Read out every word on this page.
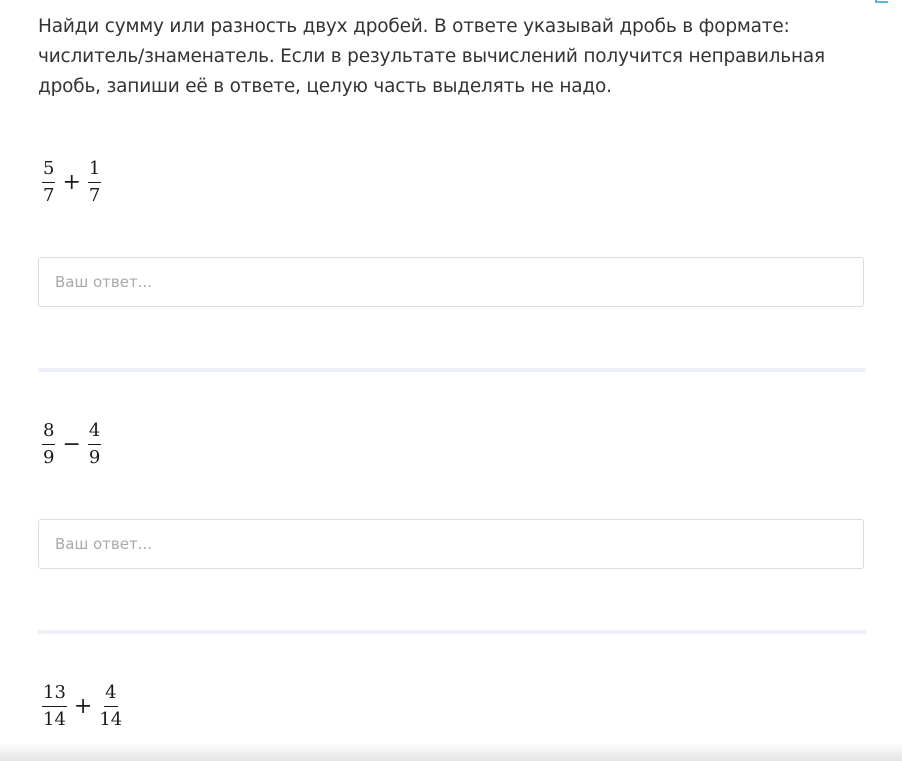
Найди сумму или разность двух дробей. В ответе указывай дробь в формате: числитель/знаменатель. Если в результате вычислений получится неправильная дробь, запиши её в ответе, целую часть выделять не надо.
$\frac{5}{7} + \frac{1}{7}$
Ваш ответ...
$\frac{8}{9} - \frac{4}{9}$
Ваш ответ...
$\frac{13}{14} + \frac{4}{14}$
